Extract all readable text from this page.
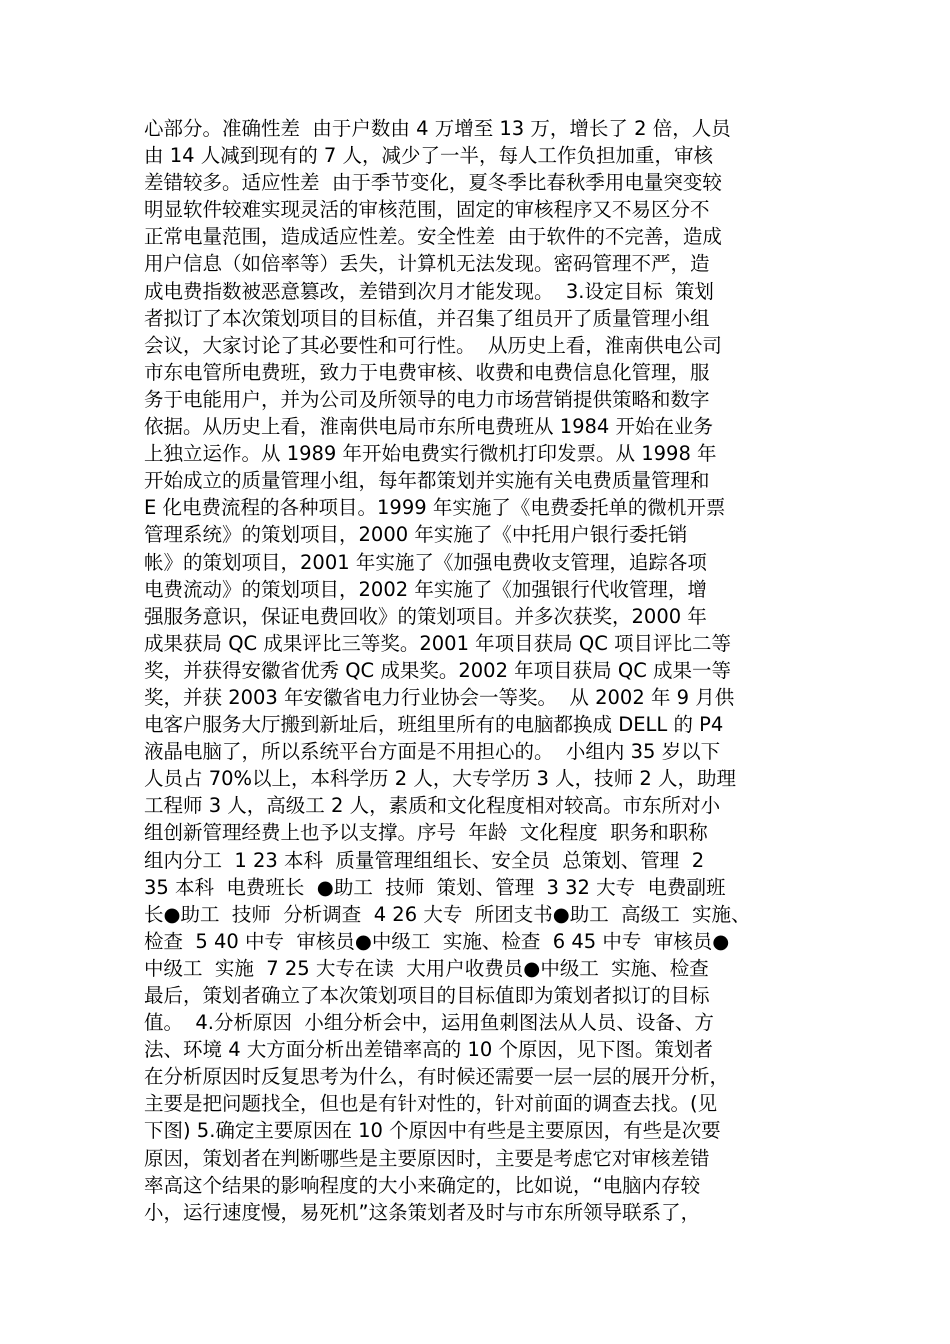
心部分。准确性差  由于户数由 4 万增至 13 万，增长了 2 倍，人员
由 14 人减到现有的 7 人，减少了一半，每人工作负担加重，审核
差错较多。适应性差  由于季节变化，夏冬季比春秋季用电量突变较
明显软件较难实现灵活的审核范围，固定的审核程序又不易区分不
正常电量范围，造成适应性差。安全性差  由于软件的不完善，造成
用户信息（如倍率等）丢失，计算机无法发现。密码管理不严，造
成电费指数被恶意篡改，差错到次月才能发现。  3.设定目标  策划
者拟订了本次策划项目的目标值，并召集了组员开了质量管理小组
会议，大家讨论了其必要性和可行性。  从历史上看，淮南供电公司
市东电管所电费班，致力于电费审核、收费和电费信息化管理，服
务于电能用户，并为公司及所领导的电力市场营销提供策略和数字
依据。从历史上看，淮南供电局市东所电费班从 1984 开始在业务
上独立运作。从 1989 年开始电费实行微机打印发票。从 1998 年
开始成立的质量管理小组，每年都策划并实施有关电费质量管理和
E 化电费流程的各种项目。1999 年实施了《电费委托单的微机开票
管理系统》的策划项目，2000 年实施了《中托用户银行委托销
帐》的策划项目，2001 年实施了《加强电费收支管理，追踪各项
电费流动》的策划项目，2002 年实施了《加强银行代收管理，增
强服务意识，保证电费回收》的策划项目。并多次获奖，2000 年
成果获局 QC 成果评比三等奖。2001 年项目获局 QC 项目评比二等
奖，并获得安徽省优秀 QC 成果奖。2002 年项目获局 QC 成果一等
奖，并获 2003 年安徽省电力行业协会一等奖。  从 2002 年 9 月供
电客户服务大厅搬到新址后，班组里所有的电脑都换成 DELL 的 P4
液晶电脑了，所以系统平台方面是不用担心的。  小组内 35 岁以下
人员占 70%以上，本科学历 2 人，大专学历 3 人，技师 2 人，助理
工程师 3 人，高级工 2 人，素质和文化程度相对较高。市东所对小
组创新管理经费上也予以支撑。序号  年龄  文化程度  职务和职称
组内分工  1 23 本科  质量管理组组长、安全员  总策划、管理  2
35 本科  电费班长  ●助工  技师  策划、管理  3 32 大专  电费副班
长●助工  技师  分析调查  4 26 大专  所团支书●助工  高级工  实施、
检查  5 40 中专  审核员●中级工  实施、检查  6 45 中专  审核员●
中级工  实施  7 25 大专在读  大用户收费员●中级工  实施、检查
最后，策划者确立了本次策划项目的目标值即为策划者拟订的目标
值。  4.分析原因  小组分析会中，运用鱼刺图法从人员、设备、方
法、环境 4 大方面分析出差错率高的 10 个原因，见下图。策划者
在分析原因时反复思考为什么，有时候还需要一层一层的展开分析，
主要是把问题找全，但也是有针对性的，针对前面的调查去找。(见
下图) 5.确定主要原因在 10 个原因中有些是主要原因，有些是次要
原因，策划者在判断哪些是主要原因时，主要是考虑它对审核差错
率高这个结果的影响程度的大小来确定的，比如说，“电脑内存较
小，运行速度慢，易死机”这条策划者及时与市东所领导联系了，
